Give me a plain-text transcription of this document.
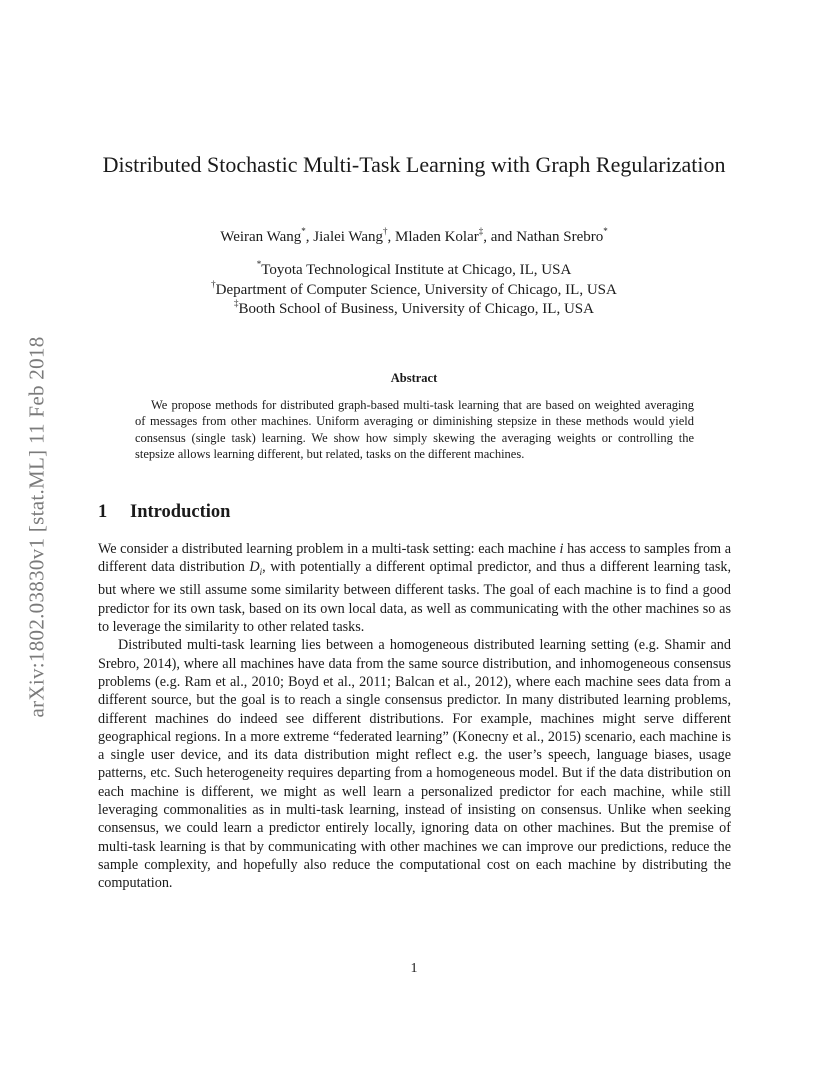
arXiv:1802.03830v1 [stat.ML] 11 Feb 2018
Distributed Stochastic Multi-Task Learning with Graph Regularization
Weiran Wang*, Jialei Wang†, Mladen Kolar‡, and Nathan Srebro*
*Toyota Technological Institute at Chicago, IL, USA
†Department of Computer Science, University of Chicago, IL, USA
‡Booth School of Business, University of Chicago, IL, USA
Abstract
We propose methods for distributed graph-based multi-task learning that are based on weighted averaging of messages from other machines. Uniform averaging or diminishing stepsize in these methods would yield consensus (single task) learning. We show how simply skewing the averaging weights or controlling the stepsize allows learning different, but related, tasks on the different machines.
1 Introduction

We consider a distributed learning problem in a multi-task setting: each machine i has access to samples from a different data distribution $D_i$, with potentially a different optimal predictor, and thus a different learning task, but where we still assume some similarity between different tasks. The goal of each machine is to find a good predictor for its own task, based on its own local data, as well as communicating with the other machines so as to leverage the similarity to other related tasks.

Distributed multi-task learning lies between a homogeneous distributed learning setting (e.g. Shamir and Srebro, 2014), where all machines have data from the same source distribution, and inhomogeneous consensus problems (e.g. Ram et al., 2010; Boyd et al., 2011; Balcan et al., 2012), where each machine sees data from a different source, but the goal is to reach a single consensus predictor. In many distributed learning problems, different machines do indeed see different distributions. For example, machines might serve different geographical regions. In a more extreme “federated learning” (Konecny et al., 2015) scenario, each machine is a single user device, and its data distribution might reflect e.g. the user’s speech, language biases, usage patterns, etc. Such heterogeneity requires departing from a homogeneous model. But if the data distribution on each machine is different, we might as well learn a personalized predictor for each machine, while still leveraging commonalities as in multi-task learning, instead of insisting on consensus. Unlike when seeking consensus, we could learn a predictor entirely locally, ignoring data on other machines. But the premise of multi-task learning is that by communicating with other machines we can improve our predictions, reduce the sample complexity, and hopefully also reduce the computational cost on each machine by distributing the computation.

1
